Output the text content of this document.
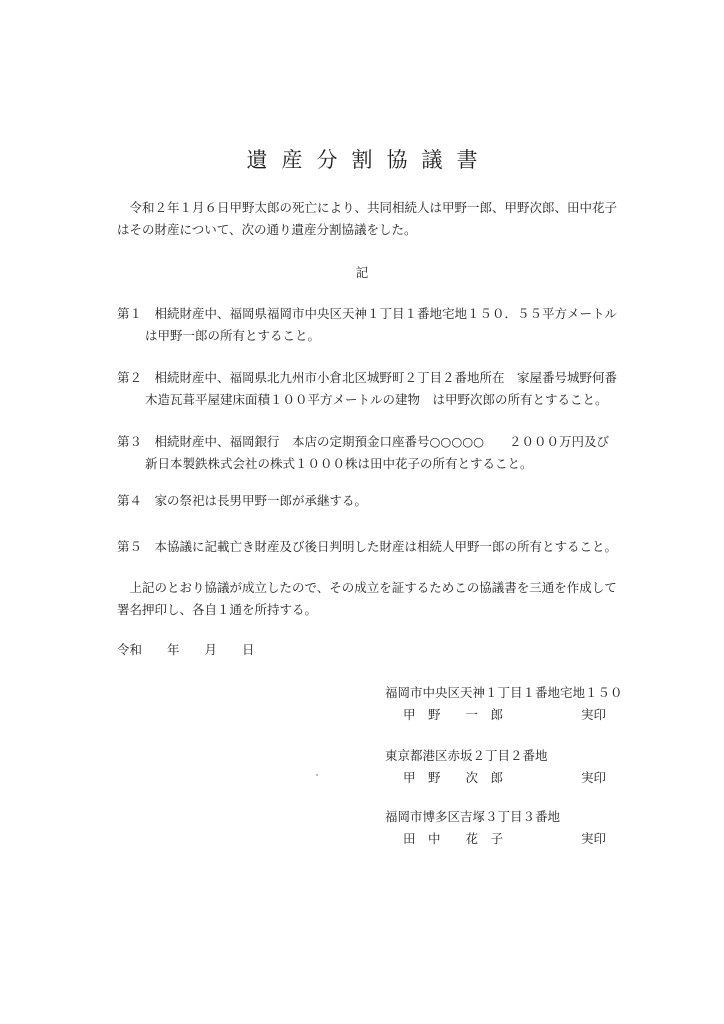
遺産分割協議書
　令和２年１月６日甲野太郎の死亡により、共同相続人は甲野一郎、甲野次郎、田中花子
はその財産について、次の通り遺産分割協議をした。
記
第１　相続財産中、福岡県福岡市中央区天神１丁目１番地宅地１５０．５５平方メートル
は甲野一郎の所有とすること。
第２　相続財産中、福岡県北九州市小倉北区城野町２丁目２番地所在　家屋番号城野何番
木造瓦葺平屋建床面積１００平方メートルの建物　は甲野次郎の所有とすること。
第３　相続財産中、福岡銀行　本店の定期預金口座番号○○○○○　　２０００万円及び
新日本製鉄株式会社の株式１０００株は田中花子の所有とすること。
第４　家の祭祀は長男甲野一郎が承継する。
第５　本協議に記載亡き財産及び後日判明した財産は相続人甲野一郎の所有とすること。
　上記のとおり協議が成立したので、その成立を証するためこの協議書を三通を作成して
署名押印し、各自１通を所持する。
令和　　年　　月　　日
福岡市中央区天神１丁目１番地宅地１５０
甲　野　　一　郎	実印
東京都港区赤坂２丁目２番地
甲　野　　次　郎	実印
福岡市博多区吉塚３丁目３番地
田　中　　花　子	実印
